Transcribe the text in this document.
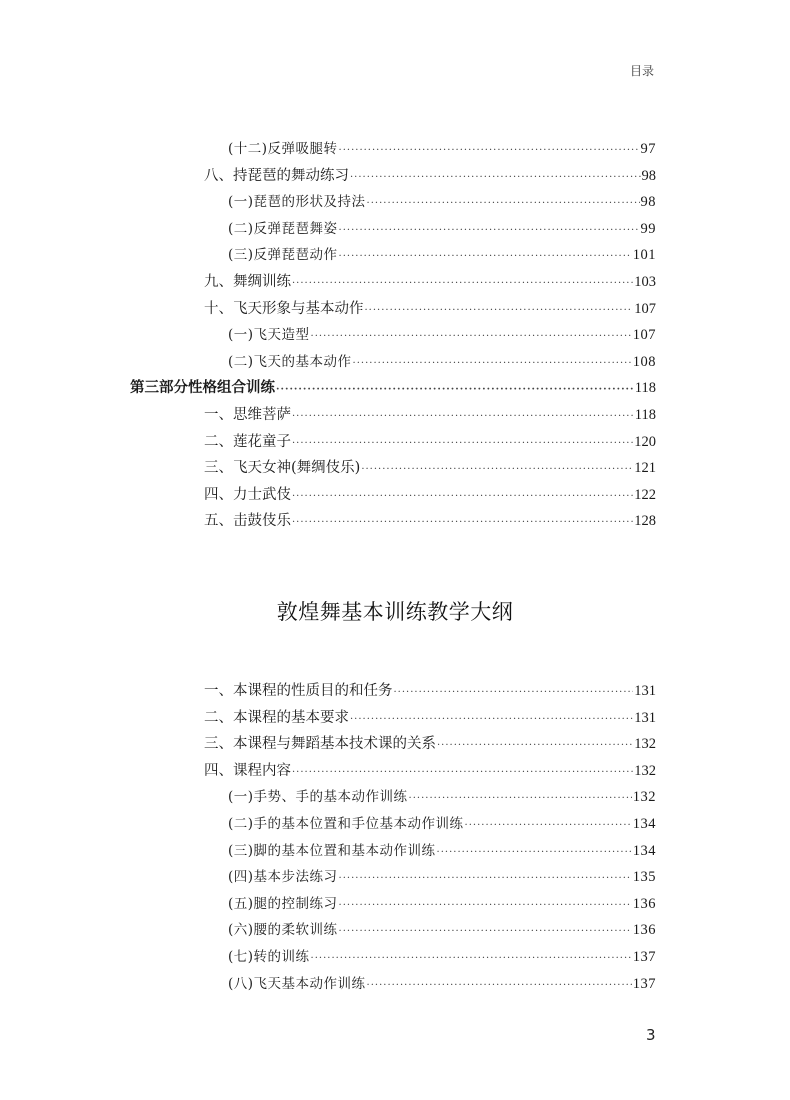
目录
(十二)反弹吸腿转 ·····	97
八、持琵琶的舞动练习 ·····	98
(一)琵琶的形状及持法 ·····	98
(二)反弹琵琶舞姿 ·····	99
(三)反弹琵琶动作 ·····	101
九、舞绸训练 ·····	103
十、飞天形象与基本动作 ·····	107
(一)飞天造型 ·····	107
(二)飞天的基本动作 ·····	108
第三部分 性格组合训练 ·····	118
一、思维菩萨 ·····	118
二、莲花童子 ·····	120
三、飞天女神(舞绸伎乐) ·····	121
四、力士武伎 ·····	122
五、击鼓伎乐 ·····	128
敦煌舞基本训练教学大纲
一、本课程的性质目的和任务 ·····	131
二、本课程的基本要求 ·····	131
三、本课程与舞蹈基本技术课的关系 ·····	132
四、课程内容 ·····	132
(一)手势、手的基本动作训练 ·····	132
(二)手的基本位置和手位基本动作训练 ·····	134
(三)脚的基本位置和基本动作训练 ·····	134
(四)基本步法练习 ·····	135
(五)腿的控制练习 ·····	136
(六)腰的柔软训练 ·····	136
(七)转的训练 ·····	137
(八)飞天基本动作训练 ·····	137
3
